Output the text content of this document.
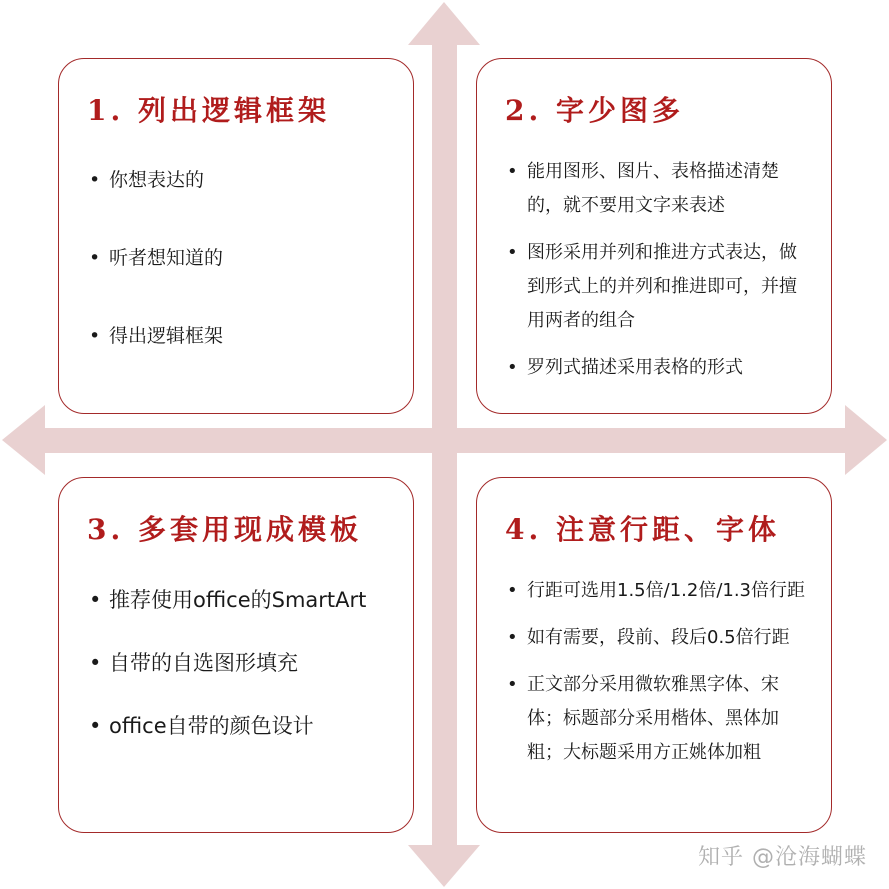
1. 列出逻辑框架
• 你想表达的
• 听者想知道的
• 得出逻辑框架
2. 字少图多
• 能用图形、图片、表格描述清楚的，就不要用文字来表述
• 图形采用并列和推进方式表达，做到形式上的并列和推进即可，并擅用两者的组合
• 罗列式描述采用表格的形式
3. 多套用现成模板
• 推荐使用office的SmartArt
• 自带的自选图形填充
• office自带的颜色设计
4. 注意行距、字体
• 行距可选用1.5倍/1.2倍/1.3倍行距
• 如有需要，段前、段后0.5倍行距
• 正文部分采用微软雅黑字体、宋体；标题部分采用楷体、黑体加粗；大标题采用方正姚体加粗
知乎 @沧海蝴蝶
